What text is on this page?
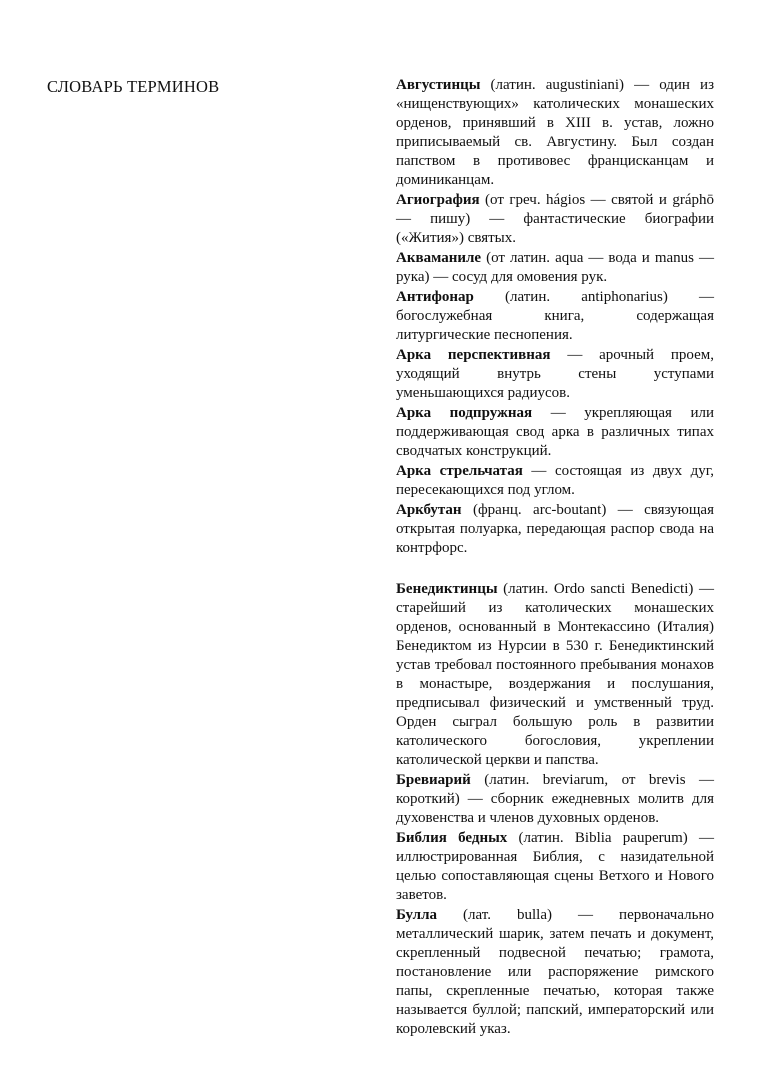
СЛОВАРЬ ТЕРМИНОВ	Августинцы (латин. augustiniani) — один из «нищенствующих» католических монашеских орденов, принявший в XIII в. устав, ложно приписываемый св. Августину. Был создан папством в противовес францисканцам и доминиканцам.

Агиография (от греч. hágios — святой и gráphō — пишу) — фантастические биографии («Жития») святых.

Акваманиле (от латин. aqua — вода и manus — рука) — сосуд для омовения рук.

Антифонар (латин. antiphonarius) — богослужебная книга, содержащая литургические песнопения.

Арка перспективная — арочный проем, уходящий внутрь стены уступами уменьшающихся радиусов.

Арка подпружная — укрепляющая или поддерживающая свод арка в различных типах сводчатых конструкций.

Арка стрельчатая — состоящая из двух дуг, пересекающихся под углом.

Аркбутан (франц. arc-boutant) — связующая открытая полуарка, передающая распор свода на контрфорс.

Бенедиктинцы (латин. Ordo sancti Benedicti) — старейший из католических монашеских орденов, основанный в Монтекассино (Италия) Бенедиктом из Нурсии в 530 г. Бенедиктинский устав требовал постоянного пребывания монахов в монастыре, воздержания и послушания, предписывал физический и умственный труд. Орден сыграл большую роль в развитии католического богословия, укреплении католической церкви и папства.

Бревиарий (латин. breviarum, от brevis — короткий) — сборник ежедневных молитв для духовенства и членов духовных орденов.

Библия бедных (латин. Biblia pauperum) — иллюстрированная Библия, с назидательной целью сопоставляющая сцены Ветхого и Нового заветов.

Булла (лат. bulla) — первоначально металлический шарик, затем печать и документ, скрепленный подвесной печатью; грамота, постановление или распоряжение римского папы, скрепленные печатью, которая также называется буллой; папский, императорский или королевский указ.
